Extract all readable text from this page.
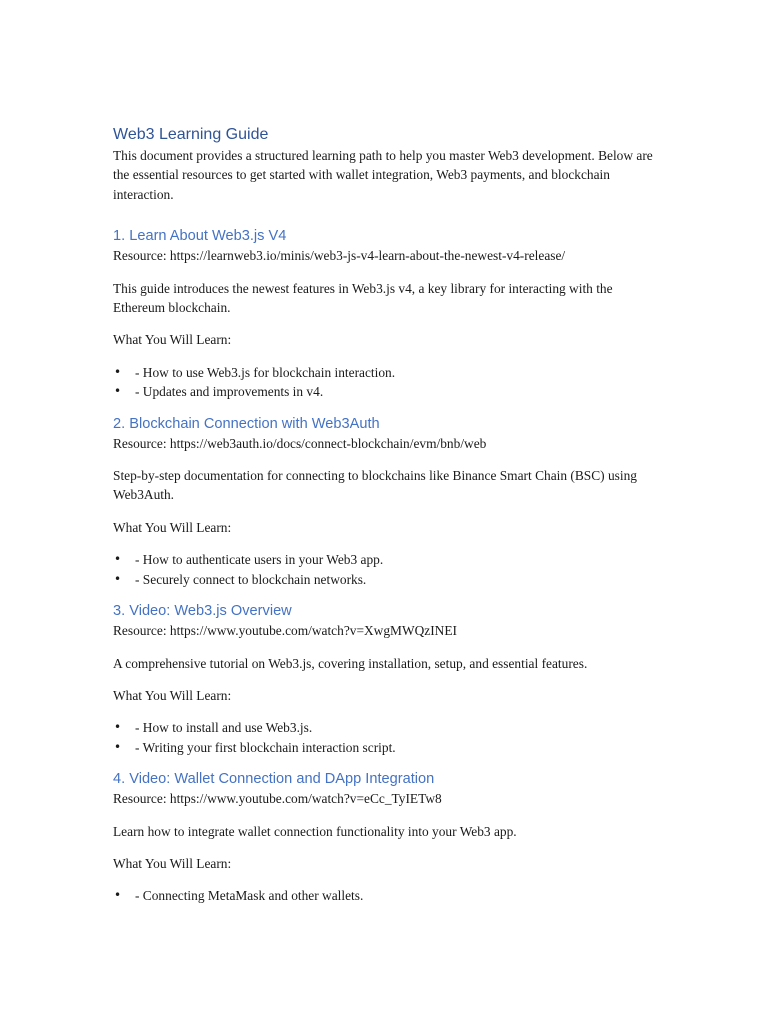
Web3 Learning Guide

This document provides a structured learning path to help you master Web3 development. Below are the essential resources to get started with wallet integration, Web3 payments, and blockchain interaction.

1. Learn About Web3.js V4

Resource: https://learnweb3.io/minis/web3-js-v4-learn-about-the-newest-v4-release/

This guide introduces the newest features in Web3.js v4, a key library for interacting with the Ethereum blockchain.

What You Will Learn:

• - How to use Web3.js for blockchain interaction.
• - Updates and improvements in v4.
2. Blockchain Connection with Web3Auth

Resource: https://web3auth.io/docs/connect-blockchain/evm/bnb/web

Step-by-step documentation for connecting to blockchains like Binance Smart Chain (BSC) using Web3Auth.

What You Will Learn:

• - How to authenticate users in your Web3 app.
• - Securely connect to blockchain networks.
3. Video: Web3.js Overview

Resource: https://www.youtube.com/watch?v=XwgMWQzINEI

A comprehensive tutorial on Web3.js, covering installation, setup, and essential features.

What You Will Learn:

• - How to install and use Web3.js.
• - Writing your first blockchain interaction script.
4. Video: Wallet Connection and DApp Integration

Resource: https://www.youtube.com/watch?v=eCc_TyIETw8

Learn how to integrate wallet connection functionality into your Web3 app.

What You Will Learn:

• - Connecting MetaMask and other wallets.
